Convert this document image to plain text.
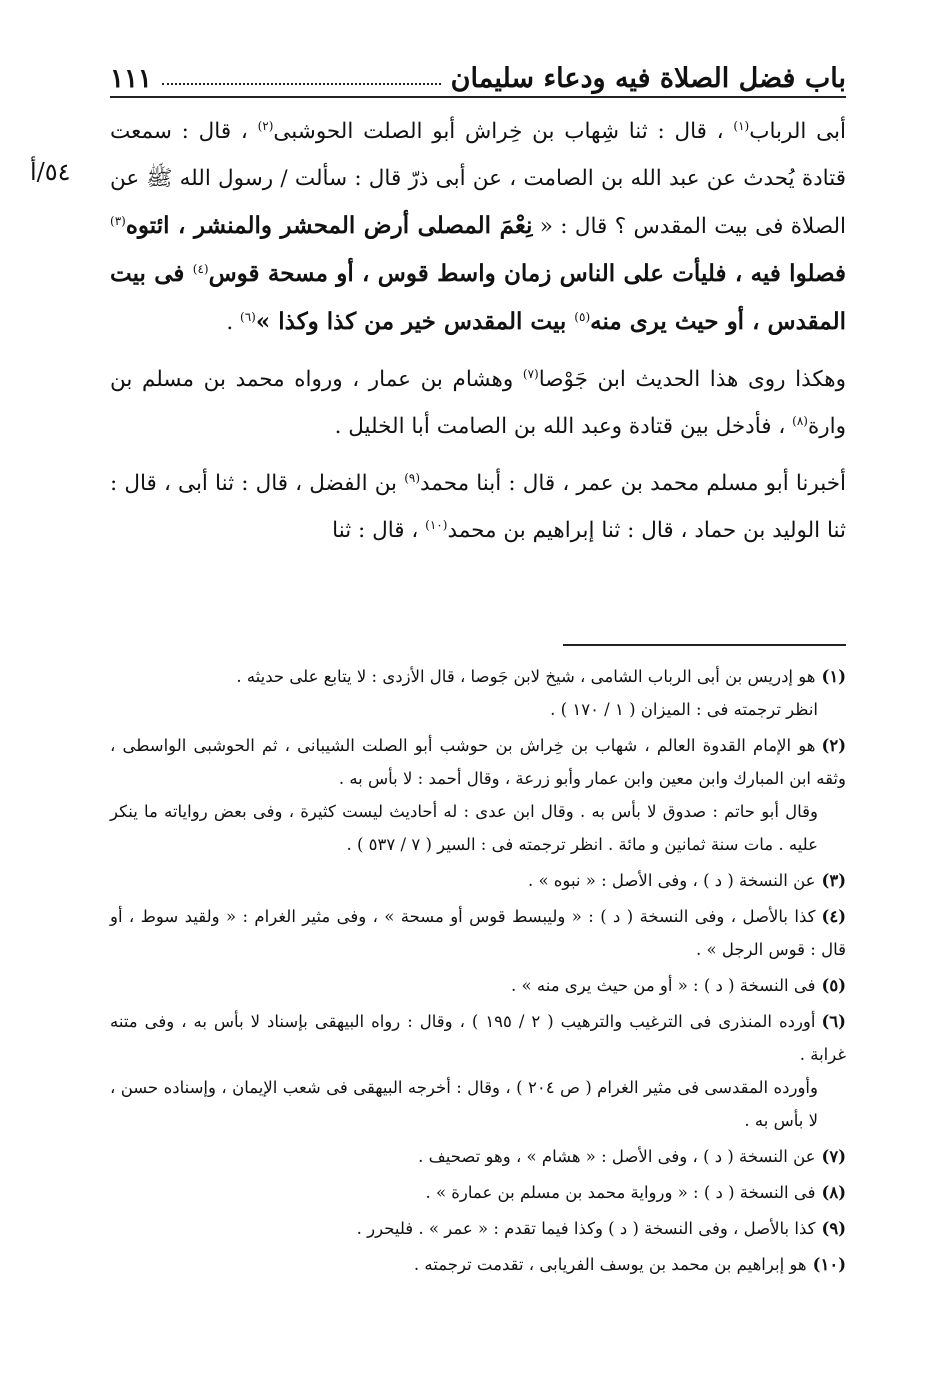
باب فضل الصلاة فيه ودعاء سليمان
١١١
٥٤/أ

أبى الرباب$^{(١)}$ ، قال : ثنا شِهاب بن خِراش أبو الصلت الحوشبى$^{(٢)}$ ، قال : سمعت قتادة يُحدث عن عبد الله بن الصامت ، عن أبى ذرّ قال : سألت / رسول الله ﷺ عن الصلاة فى بيت المقدس ؟ قال : « نِعْمَ المصلى أرض المحشر والمنشر ، ائتوه$^{(٣)}$ فصلوا فيه ، فليأت على الناس زمان واسط قوس ، أو مسحة قوس$^{(٤)}$ فى بيت المقدس ، أو حيث يرى منه$^{(٥)}$ بيت المقدس خير من كذا وكذا »$^{(٦)}$ .

وهكذا روى هذا الحديث ابن جَوْصا$^{(٧)}$ وهشام بن عمار ، ورواه محمد بن مسلم بن وارة$^{(٨)}$ ، فأدخل بين قتادة وعبد الله بن الصامت أبا الخليل .

أخبرنا أبو مسلم محمد بن عمر ، قال : أبنا محمد$^{(٩)}$ بن الفضل ، قال : ثنا أبى ، قال : ثنا الوليد بن حماد ، قال : ثنا إبراهيم بن محمد$^{(١٠)}$ ، قال : ثنا

(١)هو إدريس بن أبى الرباب الشامى ، شيخ لابن جَوصا ، قال الأزدى : لا يتابع على حديثه .
انظر ترجمته فى : الميزان ( ١ / ١٧٠ ) .
(٢)هو الإمام القدوة العالم ، شهاب بن خِراش بن حوشب أبو الصلت الشيبانى ، ثم الحوشبى الواسطى ، وثقه ابن المبارك وابن معين وابن عمار وأبو زرعة ، وقال أحمد : لا بأس به .
وقال أبو حاتم : صدوق لا بأس به . وقال ابن عدى : له أحاديث ليست كثيرة ، وفى بعض رواياته ما ينكر عليه . مات سنة ثمانين و مائة . انظر ترجمته فى : السير ( ٧ / ٥٣٧ ) .
(٣)عن النسخة ( د ) ، وفى الأصل : « نبوه » .
(٤)كذا بالأصل ، وفى النسخة ( د ) : « وليبسط قوس أو مسحة » ، وفى مثير الغرام : « ولقيد سوط ، أو قال : قوس الرجل » .
(٥)فى النسخة ( د ) : « أو من حيث يرى منه » .
(٦)أورده المنذرى فى الترغيب والترهيب ( ٢ / ١٩٥ ) ، وقال : رواه البيهقى بإسناد لا بأس به ، وفى متنه غرابة .
وأورده المقدسى فى مثير الغرام ( ص ٢٠٤ ) ، وقال : أخرجه البيهقى فى شعب الإيمان ، وإسناده حسن ، لا بأس به .
(٧)عن النسخة ( د ) ، وفى الأصل : « هشام » ، وهو تصحيف .
(٨)فى النسخة ( د ) : « ورواية محمد بن مسلم بن عمارة » .
(٩)كذا بالأصل ، وفى النسخة ( د ) وكذا فيما تقدم : « عمر » . فليحرر .
(١٠)هو إبراهيم بن محمد بن يوسف الفريابى ، تقدمت ترجمته .
